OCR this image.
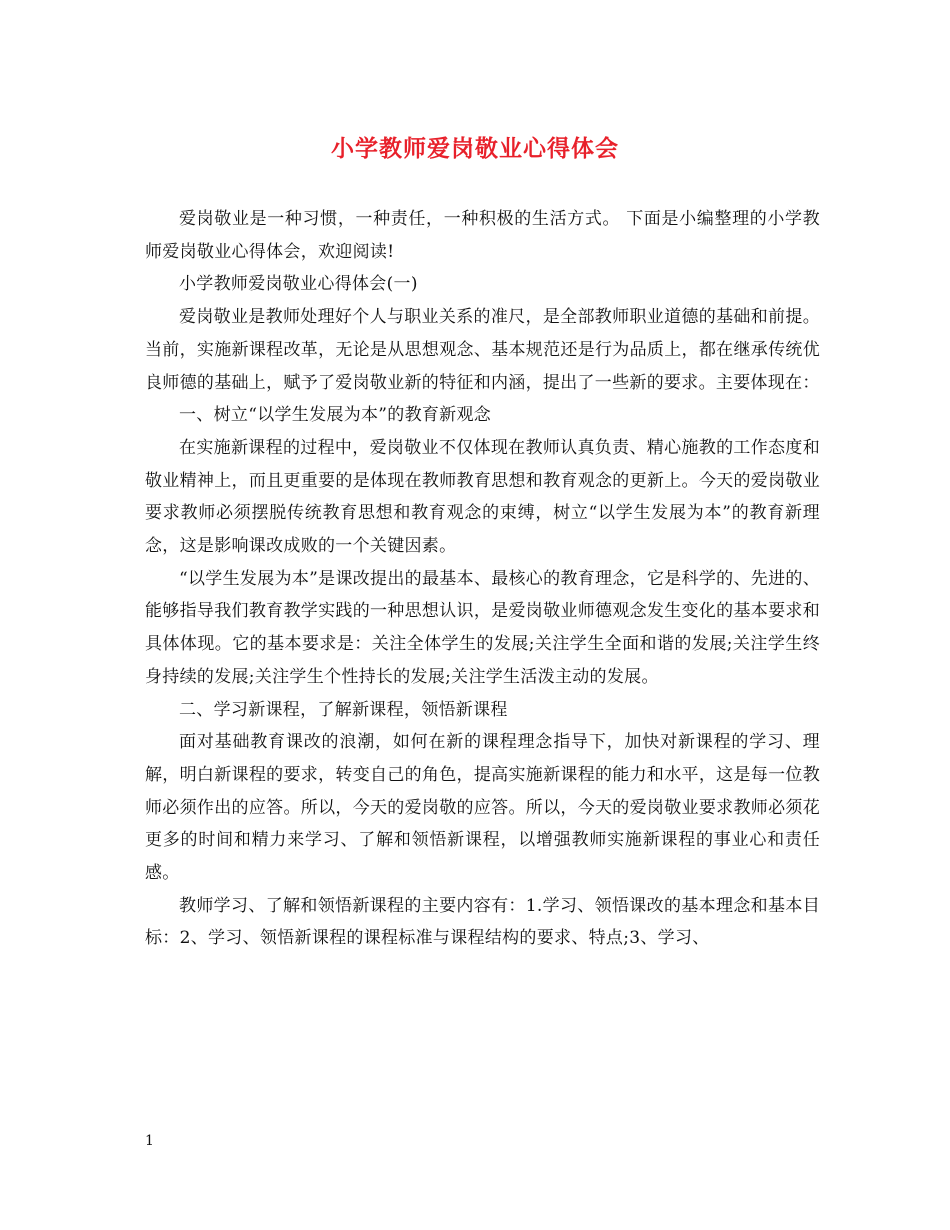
小学教师爱岗敬业心得体会

爱岗敬业是一种习惯，一种责任，一种积极的生活方式。 下面是小编整理的小学教师爱岗敬业心得体会，欢迎阅读!

小学教师爱岗敬业心得体会(一)

爱岗敬业是教师处理好个人与职业关系的准尺，是全部教师职业道德的基础和前提。当前，实施新课程改革，无论是从思想观念、基本规范还是行为品质上，都在继承传统优良师德的基础上，赋予了爱岗敬业新的特征和内涵，提出了一些新的要求。主要体现在：

一、树立“以学生发展为本”的教育新观念

在实施新课程的过程中，爱岗敬业不仅体现在教师认真负责、精心施教的工作态度和敬业精神上，而且更重要的是体现在教师教育思想和教育观念的更新上。今天的爱岗敬业要求教师必须摆脱传统教育思想和教育观念的束缚，树立“以学生发展为本”的教育新理念，这是影响课改成败的一个关键因素。

“以学生发展为本”是课改提出的最基本、最核心的教育理念，它是科学的、先进的、能够指导我们教育教学实践的一种思想认识，是爱岗敬业师德观念发生变化的基本要求和具体体现。它的基本要求是：关注全体学生的发展;关注学生全面和谐的发展;关注学生终身持续的发展;关注学生个性持长的发展;关注学生活泼主动的发展。

二、学习新课程，了解新课程，领悟新课程

面对基础教育课改的浪潮，如何在新的课程理念指导下，加快对新课程的学习、理解，明白新课程的要求，转变自己的角色，提高实施新课程的能力和水平，这是每一位教师必须作出的应答。所以，今天的爱岗敬的应答。所以，今天的爱岗敬业要求教师必须花更多的时间和精力来学习、了解和领悟新课程，以增强教师实施新课程的事业心和责任感。

教师学习、了解和领悟新课程的主要内容有：1.学习、领悟课改的基本理念和基本目标：2、学习、领悟新课程的课程标准与课程结构的要求、特点;3、学习、

1
